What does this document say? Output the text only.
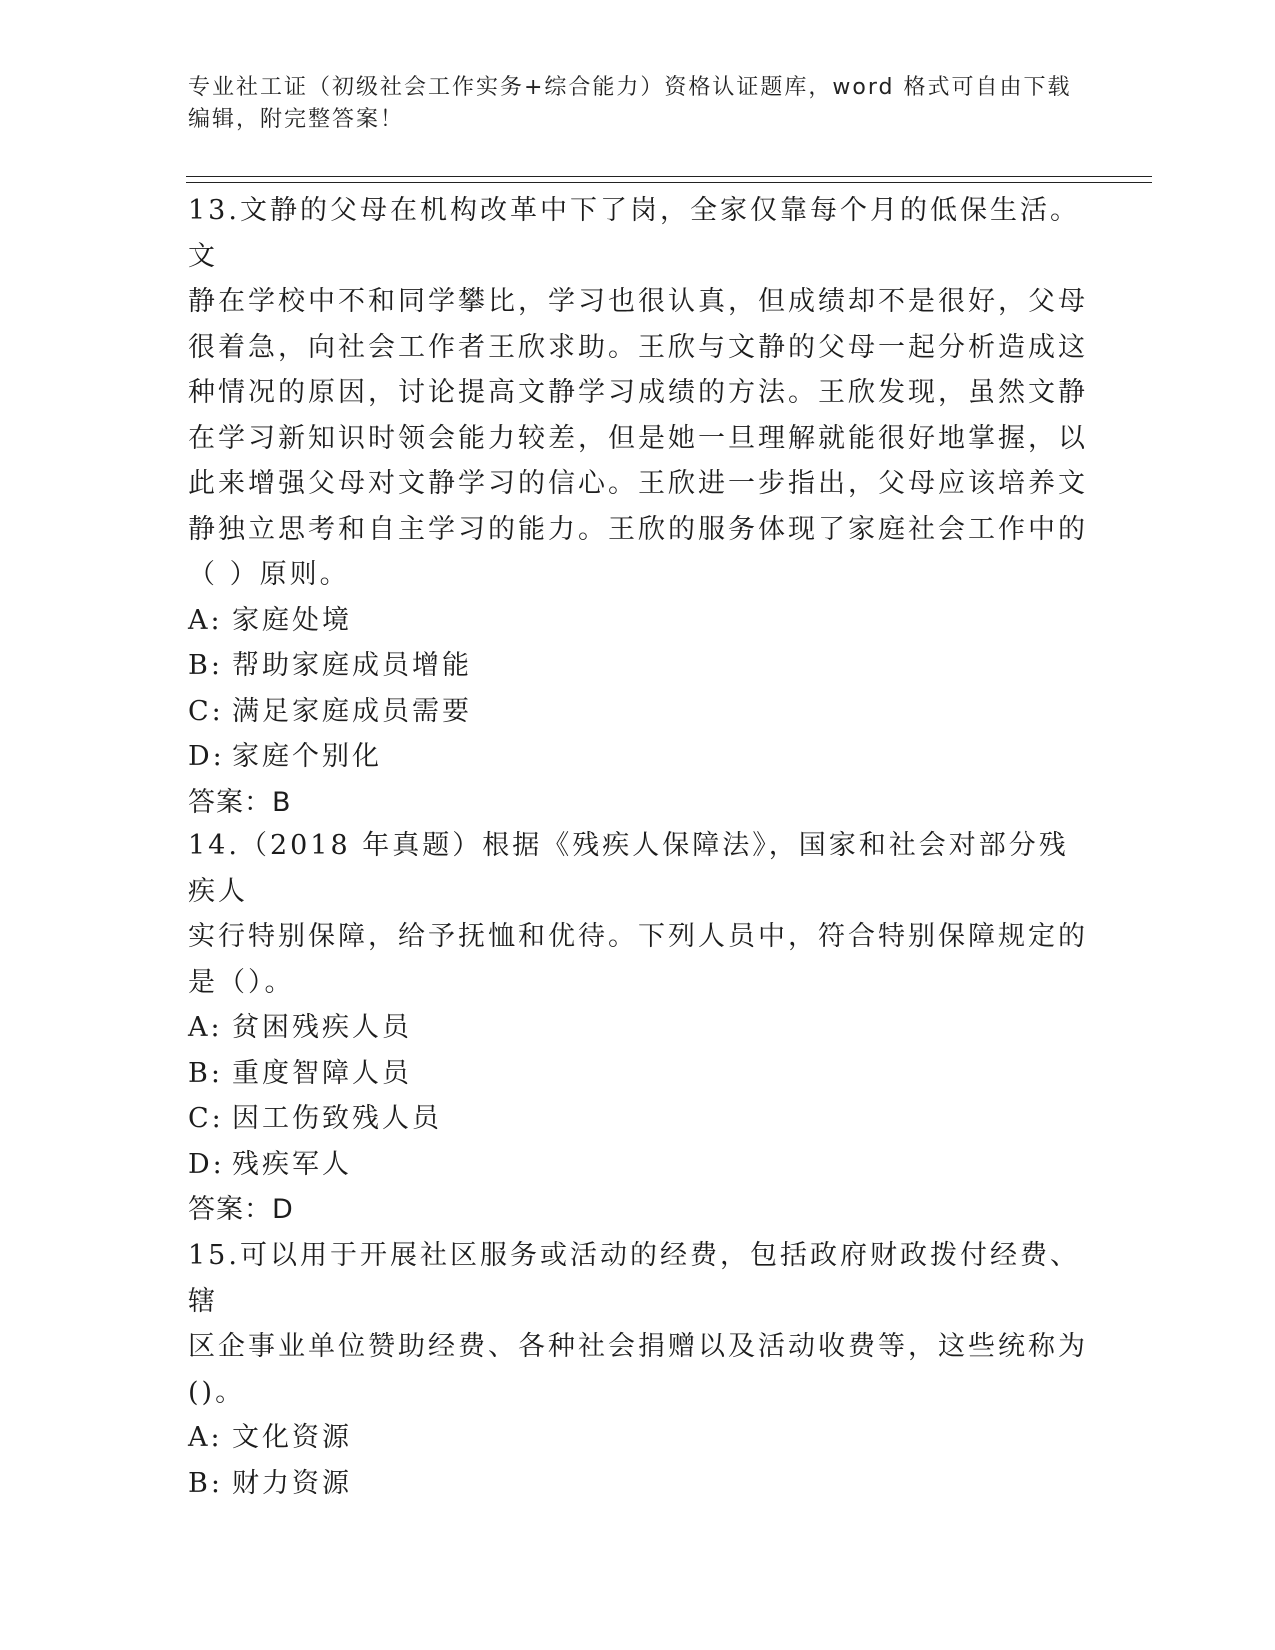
专业社工证（初级社会工作实务+综合能力）资格认证题库，word 格式可自由下载
编辑，附完整答案！

13.文静的父母在机构改革中下了岗，全家仅靠每个月的低保生活。文

静在学校中不和同学攀比，学习也很认真，但成绩却不是很好，父母

很着急，向社会工作者王欣求助。王欣与文静的父母一起分析造成这

种情况的原因，讨论提高文静学习成绩的方法。王欣发现，虽然文静

在学习新知识时领会能力较差，但是她一旦理解就能很好地掌握，以

此来增强父母对文静学习的信心。王欣进一步指出，父母应该培养文

静独立思考和自主学习的能力。王欣的服务体现了家庭社会工作中的

（ ）原则。

A: 家庭处境

B: 帮助家庭成员增能

C: 满足家庭成员需要

D: 家庭个别化

答案：B

14.（2018 年真题）根据《残疾人保障法》，国家和社会对部分残疾人

实行特别保障，给予抚恤和优待。下列人员中，符合特别保障规定的

是（）。

A: 贫困残疾人员

B: 重度智障人员

C: 因工伤致残人员

D: 残疾军人

答案：D

15.可以用于开展社区服务或活动的经费，包括政府财政拨付经费、辖

区企事业单位赞助经费、各种社会捐赠以及活动收费等，这些统称为

()。

A: 文化资源

B: 财力资源
